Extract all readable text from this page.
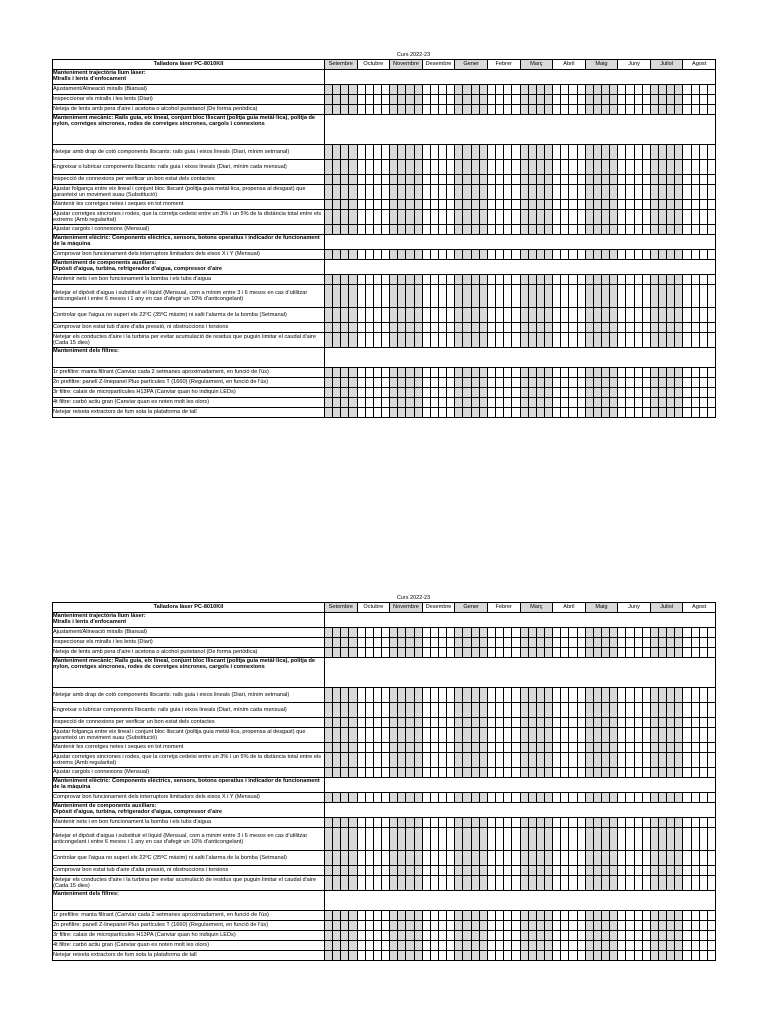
Curs 2022-23
Talladora làser PC-8010KII	Setembre				Octubre				Novembre				Desembre				Gener				Febrer				Març				Abril				Maig				Juny				Juliol				Agost			
Manteniment trajectòria llum làser:
Miralls i lents d'enfocament																																																
Ajustament/Alineació miralls (Bianual)																																																
Inspeccionar els miralls i les lents (Diari)																																																
Neteja de lents amb pera d'aire i acetona o alcohol purietanol (De forma periòdica)																																																
Manteniment mecànic: Rails guia, eix lineal, conjunt bloc lliscant (politja guia metàl·lica), politja de nylon, corretges sincrones, rodes de corretges sincrones, cargols i connexions																																																
Netejar amb drap de cotó components lliscants: rails guia i eixos lineals (Diari, mínim setmanal)																																																
Engreixar o lubricar components lliscants: rails guia i eixos lineals (Diari, mínim cada mensual)																																																
Inspecció de connexions per verificar un bon estat dels contactes																																																
Ajustar folgança entre eix lineal i conjunt bloc lliscant (politja guia metàl·lica, propensa al desgast) que garanteixi un moviment suau (Substitució)																																																
Mantenir les corretges netes i seques en tot moment																																																
Ajustar corretges sincrones i rodes, que la corretja cedeixi entre un 3% i un 5% de la distància total entre els extrems (Amb regularitat)																																																
Ajustar cargols i connexions (Mensual)																																																
Manteniment elèctric: Components elèctrics, sensors, botons operatius i indicador de funcionament de la màquina																																																
Comprovar bon funcionament dels interruptors limitadors dels eixos X i Y (Mensual)																																																
Manteniment de components auxiliars:
Dipòsit d'aigua, turbina, refrigerador d'aigua, compressor d'aire																																																
Mantenir nets i en bon funcionament la bomba i els tubs d'aigua																																																
Netejar el dipòsit d'aigua i substituir el líquid (Mensual, com a mínim entre 3 i 6 mesos en cas d'utilitzar anticongelant i entre 6 mesos i 1 any en cas d'afegir un 10% d'anticongelant)																																																
Controlar que l'aigua no superi els 22ºC (35ºC màxim) ni salti l'alarma de la bomba (Setmanal)																																																
Comprovar bon estat tub d'aire d'alta pressió, ni obstruccions i torsions																																																
Netejar els conductes d'aire i la turbina per evitar acumulació de residus que puguin limitar el caudal d'aire (Cada 15 dies)																																																
Manteniment dels filtres:																																																
1r prefiltre: manta filtrant (Canviar cada 2 setmanes aproximadament, en funció de l'ús)																																																
2n prefiltre: panell Z-linepanel Plus partícules T (1660) (Regularment, en funció de l'ús)																																																
3r filtre: calaix de micropartícules H13PA (Canviar quan ho indiquin LEDs)																																																
4t filtre: carbó actiu gran (Canviar quan es noten molt les olors)																																																
Netejar reixeta extractors de fum sota la plataforma de tall																																																
Curs 2022-23
Talladora làser PC-8010KII	Setembre				Octubre				Novembre				Desembre				Gener				Febrer				Març				Abril				Maig				Juny				Juliol				Agost			
Manteniment trajectòria llum làser:
Miralls i lents d'enfocament																																																
Ajustament/Alineació miralls (Bianual)																																																
Inspeccionar els miralls i les lents (Diari)																																																
Neteja de lents amb pera d'aire i acetona o alcohol purietanol (De forma periòdica)																																																
Manteniment mecànic: Rails guia, eix lineal, conjunt bloc lliscant (politja guia metàl·lica), politja de nylon, corretges sincrones, rodes de corretges sincrones, cargols i connexions																																																
Netejar amb drap de cotó components lliscants: rails guia i eixos lineals (Diari, mínim setmanal)																																																
Engreixar o lubricar components lliscants: rails guia i eixos lineals (Diari, mínim cada mensual)																																																
Inspecció de connexions per verificar un bon estat dels contactes																																																
Ajustar folgança entre eix lineal i conjunt bloc lliscant (politja guia metàl·lica, propensa al desgast) que garanteixi un moviment suau (Substitució)																																																
Mantenir les corretges netes i seques en tot moment																																																
Ajustar corretges sincrones i rodes, que la corretja cedeixi entre un 3% i un 5% de la distància total entre els extrems (Amb regularitat)																																																
Ajustar cargols i connexions (Mensual)																																																
Manteniment elèctric: Components elèctrics, sensors, botons operatius i indicador de funcionament de la màquina																																																
Comprovar bon funcionament dels interruptors limitadors dels eixos X i Y (Mensual)																																																
Manteniment de components auxiliars:
Dipòsit d'aigua, turbina, refrigerador d'aigua, compressor d'aire																																																
Mantenir nets i en bon funcionament la bomba i els tubs d'aigua																																																
Netejar el dipòsit d'aigua i substituir el líquid (Mensual, com a mínim entre 3 i 6 mesos en cas d'utilitzar anticongelant i entre 6 mesos i 1 any en cas d'afegir un 10% d'anticongelant)																																																
Controlar que l'aigua no superi els 22ºC (35ºC màxim) ni salti l'alarma de la bomba (Setmanal)																																																
Comprovar bon estat tub d'aire d'alta pressió, ni obstruccions i torsions																																																
Netejar els conductes d'aire i la turbina per evitar acumulació de residus que puguin limitar el caudal d'aire (Cada 15 dies)																																																
Manteniment dels filtres:																																																
1r prefiltre: manta filtrant (Canviar cada 2 setmanes aproximadament, en funció de l'ús)																																																
2n prefiltre: panell Z-linepanel Plus partícules T (1660) (Regularment, en funció de l'ús)																																																
3r filtre: calaix de micropartícules H13PA (Canviar quan ho indiquin LEDs)																																																
4t filtre: carbó actiu gran (Canviar quan es noten molt les olors)																																																
Netejar reixeta extractors de fum sota la plataforma de tall																																																
